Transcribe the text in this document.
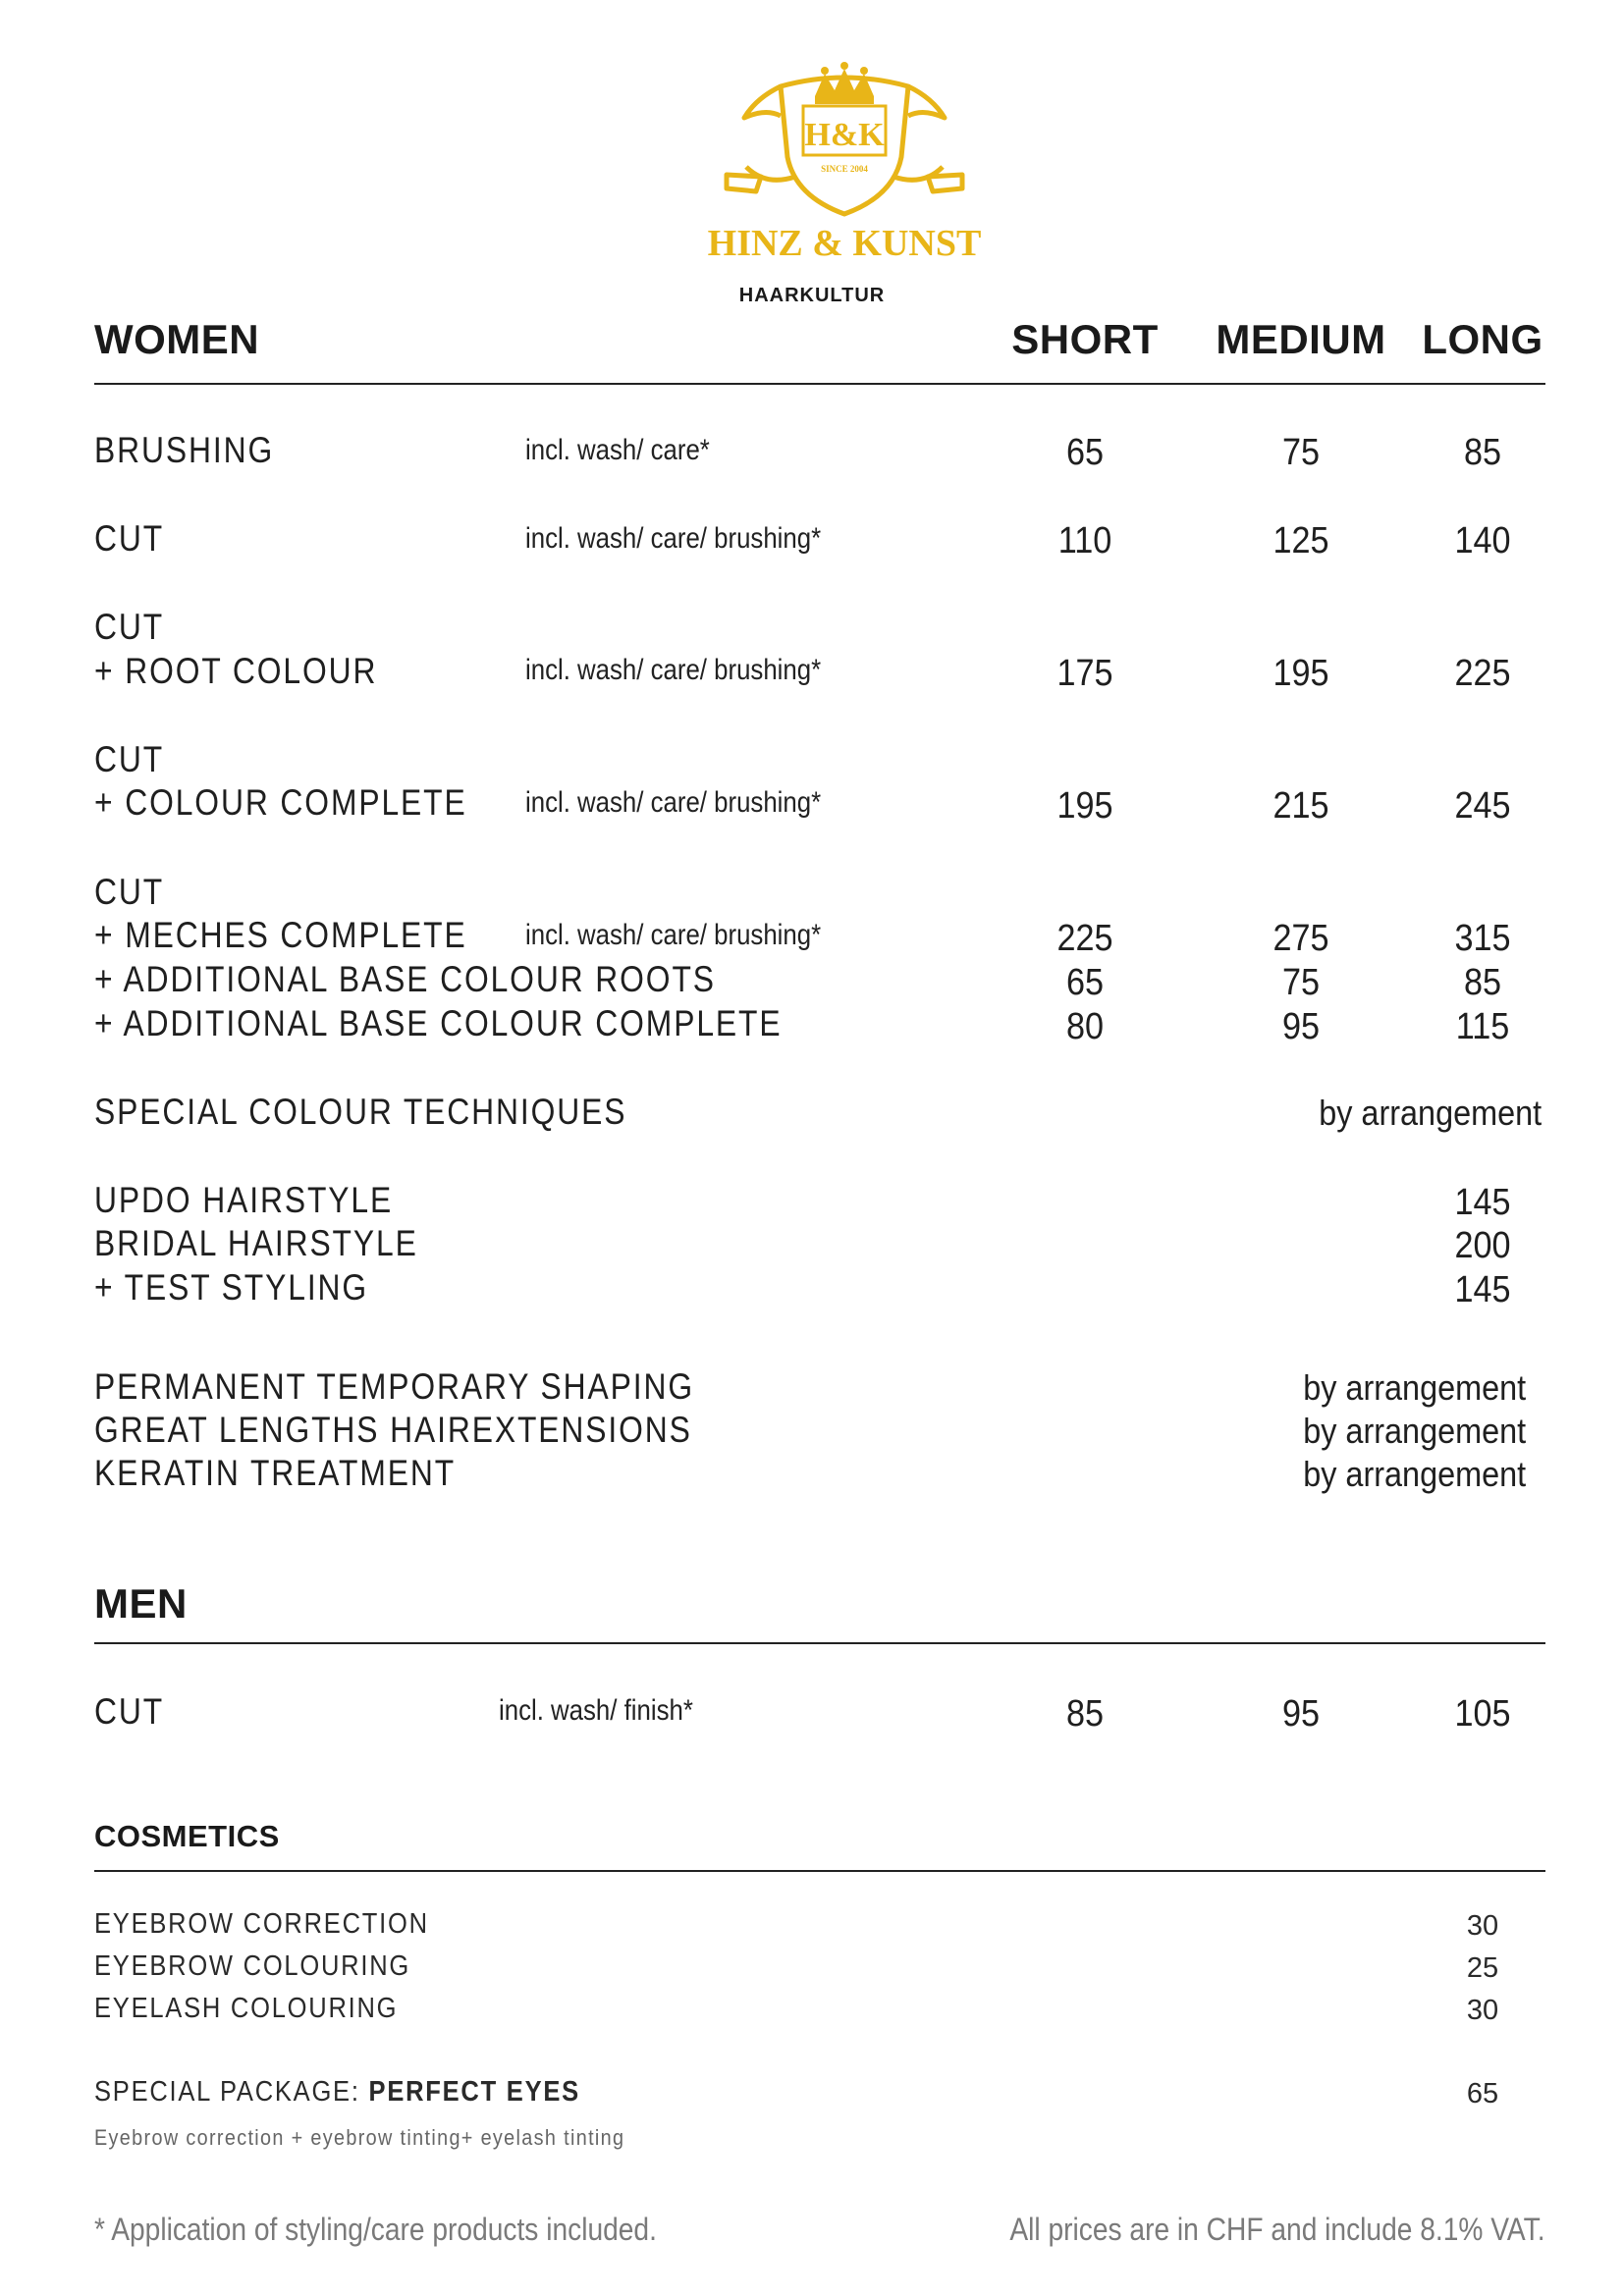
H&K
SINCE 2004
HINZ & KUNST
HAARKULTUR
WOMEN	SHORT	MEDIUM LONG
BRUSHING	incl. wash/ care*	65	75	85
CUT	incl. wash/ care/ brushing*	110	125	140
CUT
+ ROOT COLOUR	incl. wash/ care/ brushing*	175	195	225
CUT
+ COLOUR COMPLETE incl. wash/ care/ brushing*	195	215	245
CUT
+ MECHES COMPLETE incl. wash/ care/ brushing*	225	275	315
+ ADDITIONAL BASE COLOUR ROOTS	65	75	85
+ ADDITIONAL BASE COLOUR COMPLETE	80	95	115
SPECIAL COLOUR TECHNIQUES	by arrangement
UPDO HAIRSTYLE	145
BRIDAL HAIRSTYLE	200
+ TEST STYLING	145
PERMANENT TEMPORARY SHAPING	by arrangement
GREAT LENGTHS HAIREXTENSIONS	by arrangement
KERATIN TREATMENT	by arrangement
MEN
CUT	incl. wash/ finish*	85	95	105
COSMETICS
EYEBROW CORRECTION	30
EYEBROW COLOURING	25
EYELASH COLOURING	30
SPECIAL PACKAGE: PERFECT EYES	65
Eyebrow correction + eyebrow tinting+ eyelash tinting
* Application of styling/care products included.	All prices are in CHF and include 8.1% VAT.
